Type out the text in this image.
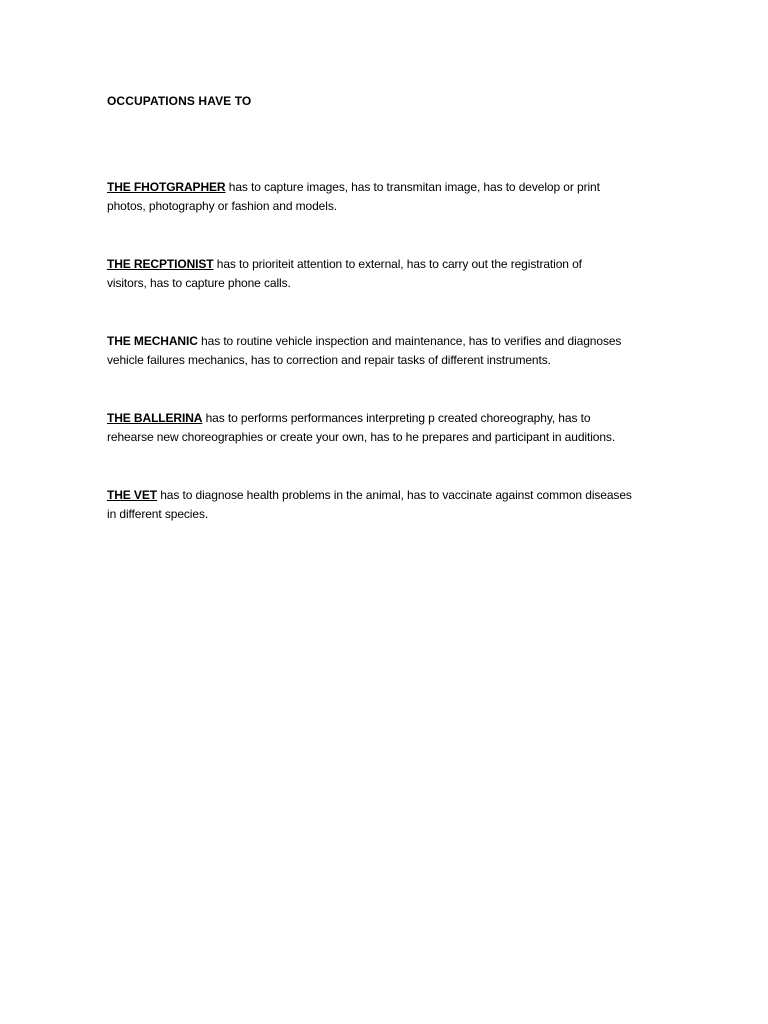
OCCUPATIONS HAVE TO
THE FHOTGRAPHER has to capture images, has to transmitan image, has to develop or print
photos, photography or fashion and models.
THE RECPTIONIST has to prioriteit attention to external, has to carry out the registration of
visitors, has to capture phone calls.
THE MECHANIC has to routine vehicle inspection and maintenance, has to verifies and diagnoses
vehicle failures mechanics, has to correction and repair tasks of different instruments.
THE BALLERINA has to performs performances interpreting p created choreography, has to
rehearse new choreographies or create your own, has to he prepares and participant in auditions.
THE VET has to diagnose health problems in the animal, has to vaccinate against common diseases
in different species.
